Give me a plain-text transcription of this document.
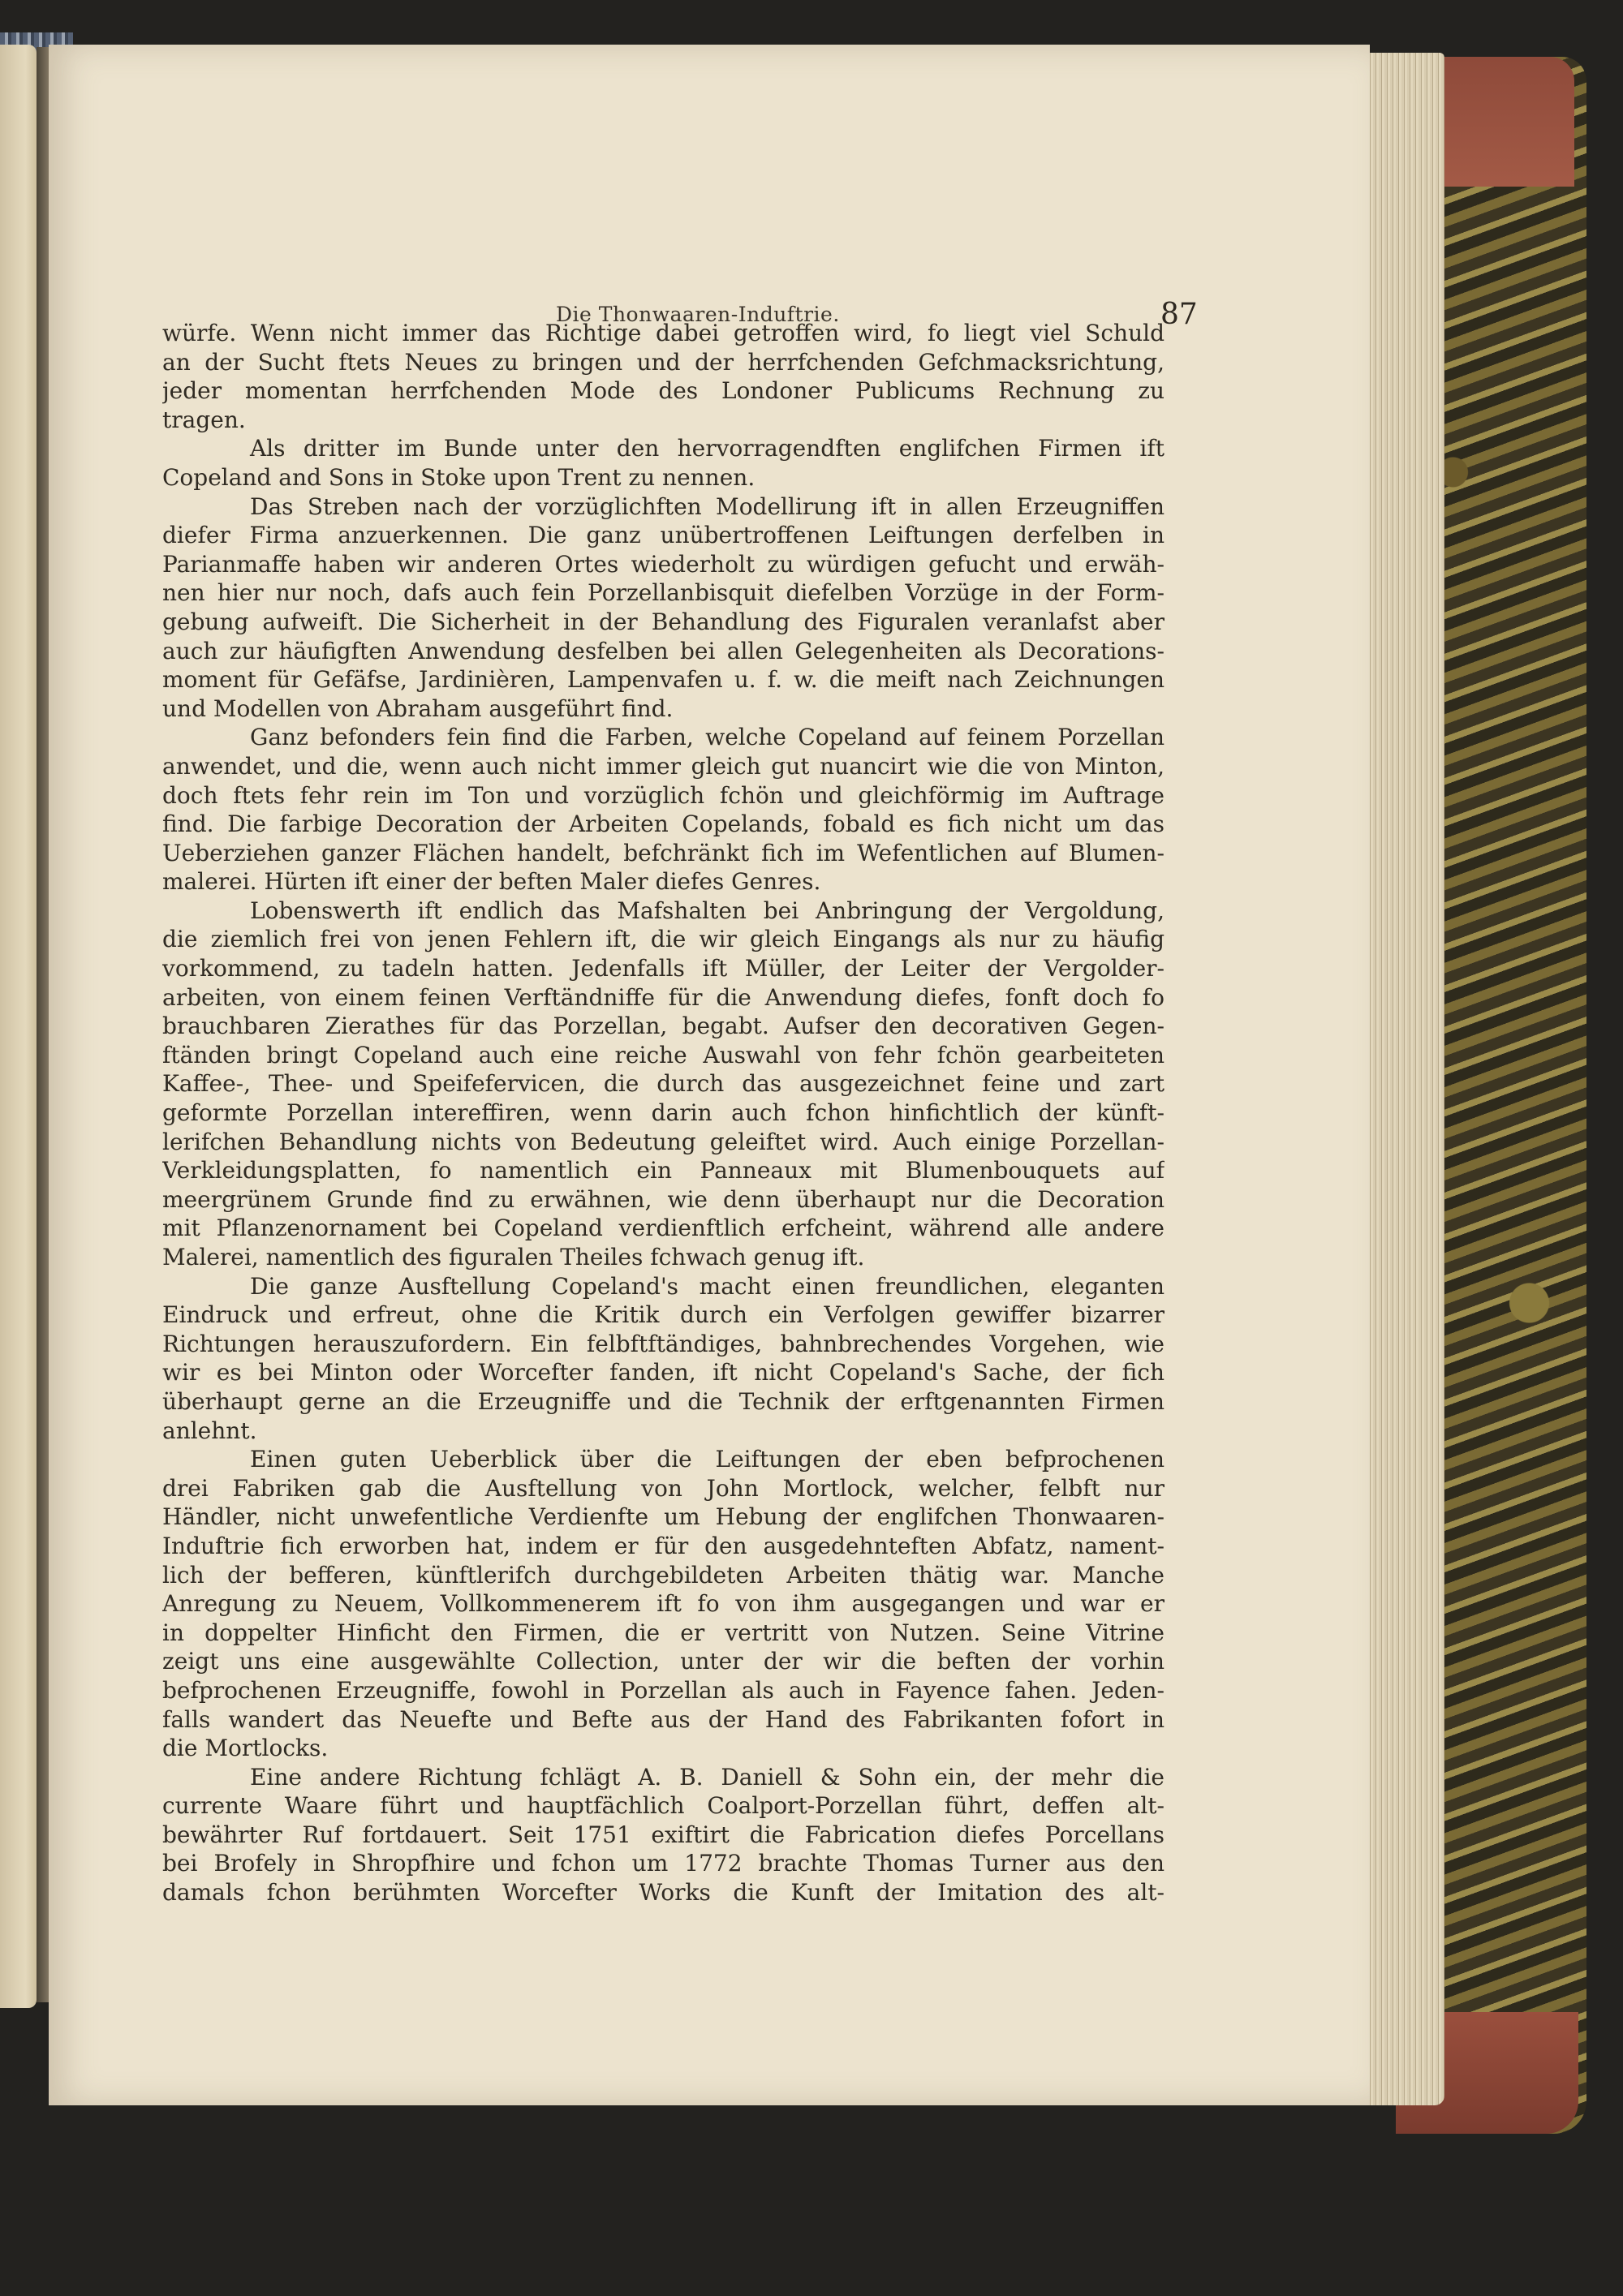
Die Thonwaaren-Induftrie.	87
würfe. Wenn nicht immer das Richtige dabei getroffen wird, fo liegt viel Schuld
an der Sucht ftets Neues zu bringen und der herrfchenden Gefchmacksrichtung,
jeder momentan herrfchenden Mode des Londoner Publicums Rechnung zu
tragen.
Als dritter im Bunde unter den hervorragendften englifchen Firmen ift
Copeland and Sons in Stoke upon Trent zu nennen.
Das Streben nach der vorzüglichften Modellirung ift in allen Erzeugniffen
diefer Firma anzuerkennen. Die ganz unübertroffenen Leiftungen derfelben in
Parianmaffe haben wir anderen Ortes wiederholt zu würdigen gefucht und erwäh-
nen hier nur noch, dafs auch fein Porzellanbisquit diefelben Vorzüge in der Form-
gebung aufweift. Die Sicherheit in der Behandlung des Figuralen veranlafst aber
auch zur häufigften Anwendung desfelben bei allen Gelegenheiten als Decorations-
moment für Gefäfse, Jardinièren, Lampenvafen u. f. w. die meift nach Zeichnungen
und Modellen von Abraham ausgeführt find.
Ganz befonders fein find die Farben, welche Copeland auf feinem Porzellan
anwendet, und die, wenn auch nicht immer gleich gut nuancirt wie die von Minton,
doch ftets fehr rein im Ton und vorzüglich fchön und gleichförmig im Auftrage
find. Die farbige Decoration der Arbeiten Copelands, fobald es fich nicht um das
Ueberziehen ganzer Flächen handelt, befchränkt fich im Wefentlichen auf Blumen-
malerei. Hürten ift einer der beften Maler diefes Genres.
Lobenswerth ift endlich das Mafshalten bei Anbringung der Vergoldung,
die ziemlich frei von jenen Fehlern ift, die wir gleich Eingangs als nur zu häufig
vorkommend, zu tadeln hatten. Jedenfalls ift Müller, der Leiter der Vergolder-
arbeiten, von einem feinen Verftändniffe für die Anwendung diefes, fonft doch fo
brauchbaren Zierathes für das Porzellan, begabt. Aufser den decorativen Gegen-
ftänden bringt Copeland auch eine reiche Auswahl von fehr fchön gearbeiteten
Kaffee-, Thee- und Speifefervicen, die durch das ausgezeichnet feine und zart
geformte Porzellan intereffiren, wenn darin auch fchon hinfichtlich der künft-
lerifchen Behandlung nichts von Bedeutung geleiftet wird. Auch einige Porzellan-
Verkleidungsplatten, fo namentlich ein Panneaux mit Blumenbouquets auf
meergrünem Grunde find zu erwähnen, wie denn überhaupt nur die Decoration
mit Pflanzenornament bei Copeland verdienftlich erfcheint, während alle andere
Malerei, namentlich des figuralen Theiles fchwach genug ift.
Die ganze Ausftellung Copeland's macht einen freundlichen, eleganten
Eindruck und erfreut, ohne die Kritik durch ein Verfolgen gewiffer bizarrer
Richtungen herauszufordern. Ein felbftftändiges, bahnbrechendes Vorgehen, wie
wir es bei Minton oder Worcefter fanden, ift nicht Copeland's Sache, der fich
überhaupt gerne an die Erzeugniffe und die Technik der erftgenannten Firmen
anlehnt.
Einen guten Ueberblick über die Leiftungen der eben befprochenen
drei Fabriken gab die Ausftellung von John Mortlock, welcher, felbft nur
Händler, nicht unwefentliche Verdienfte um Hebung der englifchen Thonwaaren-
Induftrie fich erworben hat, indem er für den ausgedehnteften Abfatz, nament-
lich der befferen, künftlerifch durchgebildeten Arbeiten thätig war. Manche
Anregung zu Neuem, Vollkommenerem ift fo von ihm ausgegangen und war er
in doppelter Hinficht den Firmen, die er vertritt von Nutzen. Seine Vitrine
zeigt uns eine ausgewählte Collection, unter der wir die beften der vorhin
befprochenen Erzeugniffe, fowohl in Porzellan als auch in Fayence fahen. Jeden-
falls wandert das Neuefte und Befte aus der Hand des Fabrikanten fofort in
die Mortlocks.
Eine andere Richtung fchlägt A. B. Daniell & Sohn ein, der mehr die
currente Waare führt und hauptfächlich Coalport-Porzellan führt, deffen alt-
bewährter Ruf fortdauert. Seit 1751 exiftirt die Fabrication diefes Porcellans
bei Brofely in Shropfhire und fchon um 1772 brachte Thomas Turner aus den
damals fchon berühmten Worcefter Works die Kunft der Imitation des alt-
